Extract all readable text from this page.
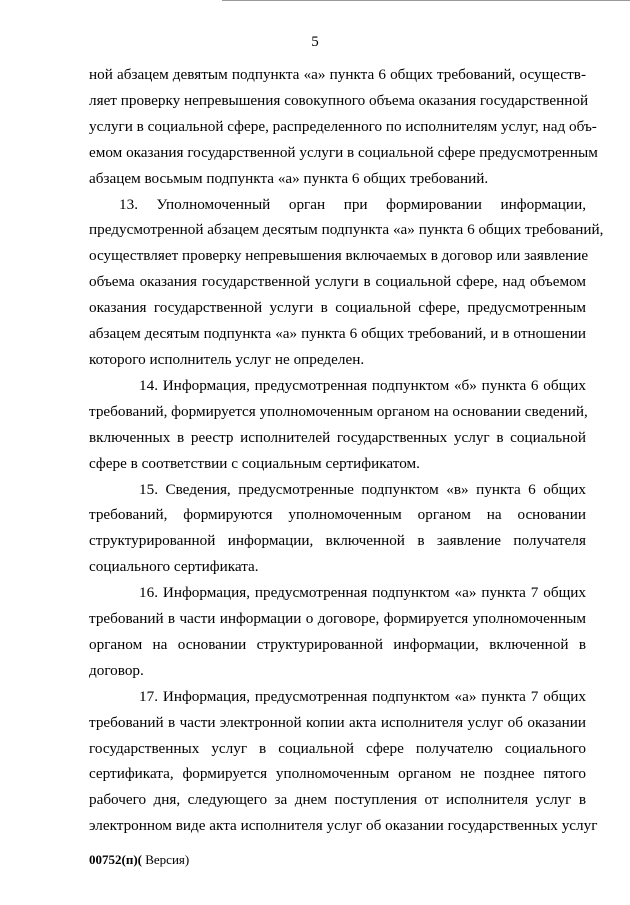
5
ной абзацем девятым подпункта «а» пункта 6 общих требований, осуществ-
ляет проверку непревышения совокупного объема оказания государственной
услуги в социальной сфере, распределенного по исполнителям услуг, над объ-
емом оказания государственной услуги в социальной сфере предусмотренным
абзацем восьмым подпункта «а» пункта 6 общих требований.
13. Уполномоченный орган при формировании информации,
предусмотренной абзацем десятым подпункта «а» пункта 6 общих требований,
осуществляет проверку непревышения включаемых в договор или заявление
объема оказания государственной услуги в социальной сфере, над объемом
оказания государственной услуги в социальной сфере, предусмотренным
абзацем десятым подпункта «а» пункта 6 общих требований, и в отношении
которого исполнитель услуг не определен.
14. Информация, предусмотренная подпунктом «б» пункта 6 общих
требований, формируется уполномоченным органом на основании сведений,
включенных в реестр исполнителей государственных услуг в социальной
сфере в соответствии с социальным сертификатом.
15. Сведения, предусмотренные подпунктом «в» пункта 6 общих
требований, формируются уполномоченным органом на основании
структурированной информации, включенной в заявление получателя
социального сертификата.
16. Информация, предусмотренная подпунктом «а» пункта 7 общих
требований в части информации о договоре, формируется уполномоченным
органом на основании структурированной информации, включенной в
договор.
17. Информация, предусмотренная подпунктом «а» пункта 7 общих
требований в части электронной копии акта исполнителя услуг об оказании
государственных услуг в социальной сфере получателю социального
сертификата, формируется уполномоченным органом не позднее пятого
рабочего дня, следующего за днем поступления от исполнителя услуг в
электронном виде акта исполнителя услуг об оказании государственных услуг
00752(п)( Версия)
